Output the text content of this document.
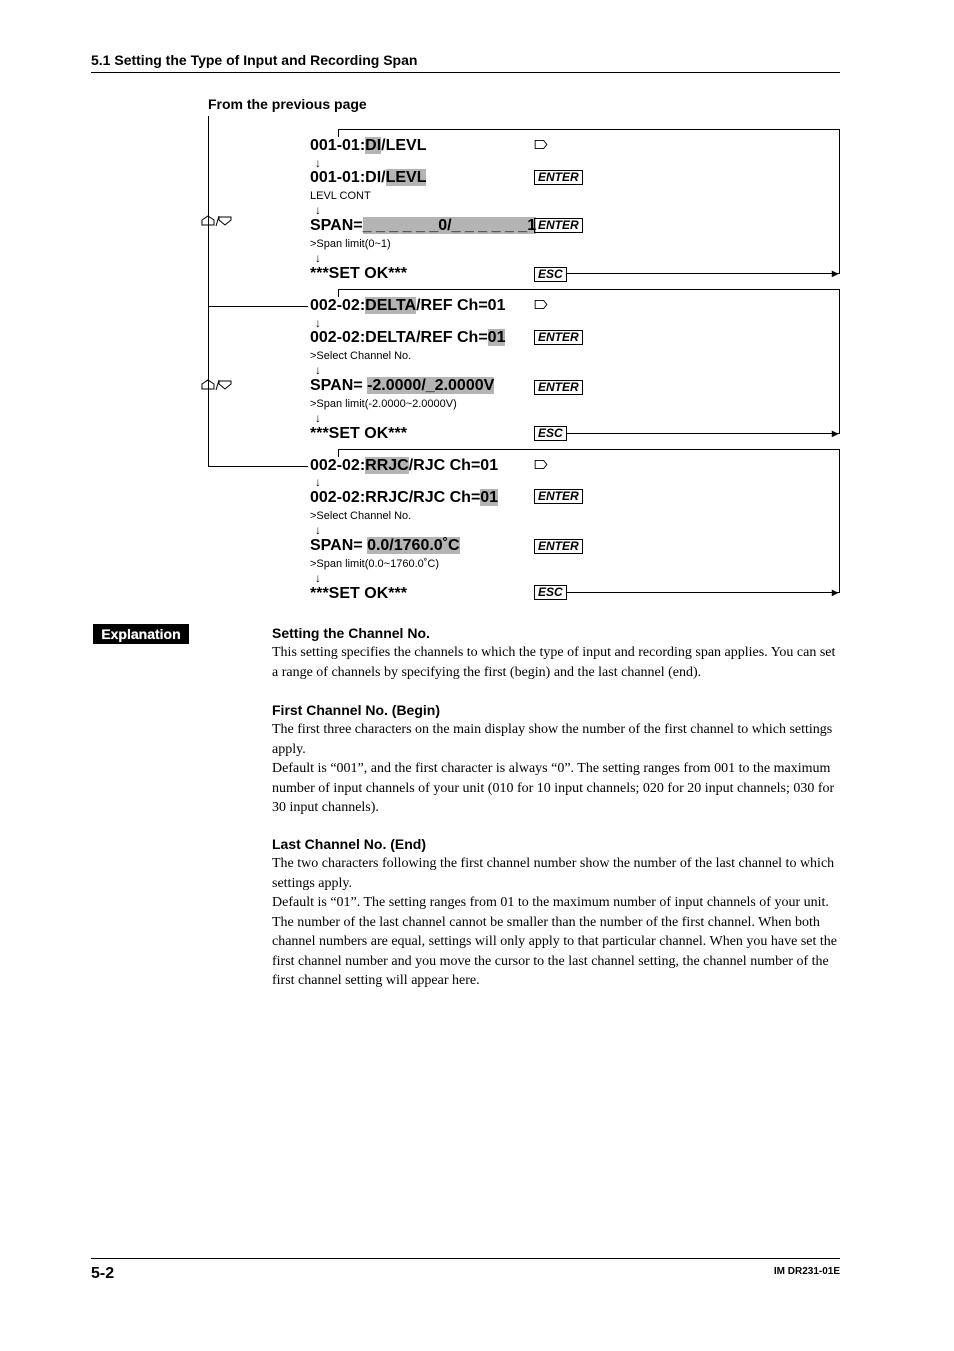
5.1 Setting the Type of Input and Recording Span
From the previous page
▸
001-01:DI/LEVL
↓
001-01:DI/LEVL	ENTER
LEVL CONT
↓
SPAN=_ _ _ _ _ _0/_ _ _ _ _ _1 ENTER
>Span limit(0~1)
↓
***SET OK***	ESC
▸
002-02:DELTA/REF Ch=01
↓
002-02:DELTA/REF Ch=01	ENTER
>Select Channel No.
↓
SPAN= -2.0000/_2.0000V	ENTER
>Span limit(-2.0000~2.0000V)
↓
***SET OK***	ESC
▸
002-02:RRJC/RJC Ch=01
↓
002-02:RRJC/RJC Ch=01	ENTER
>Select Channel No.
↓
SPAN= 0.0/1760.0˚C	ENTER
>Span limit(0.0~1760.0˚C)
↓
***SET OK***	ESC
Explanation	Setting the Channel No.
This setting specifies the channels to which the type of input and recording span applies. You can set a range of channels by specifying the first (begin) and the last channel (end).
First Channel No. (Begin)
The first three characters on the main display show the number of the first channel to which settings apply.
Default is “001”, and the first character is always “0”. The setting ranges from 001 to the maximum number of input channels of your unit (010 for 10 input channels; 020 for 20 input channels; 030 for 30 input channels).
Last Channel No. (End)
The two characters following the first channel number show the number of the last channel to which settings apply.
Default is “01”. The setting ranges from 01 to the maximum number of input channels of your unit. The number of the last channel cannot be smaller than the number of the first channel. When both channel numbers are equal, settings will only apply to that particular channel. When you have set the first channel number and you move the cursor to the last channel setting, the channel number of the first channel setting will appear here.
5-2	IM DR231-01E
